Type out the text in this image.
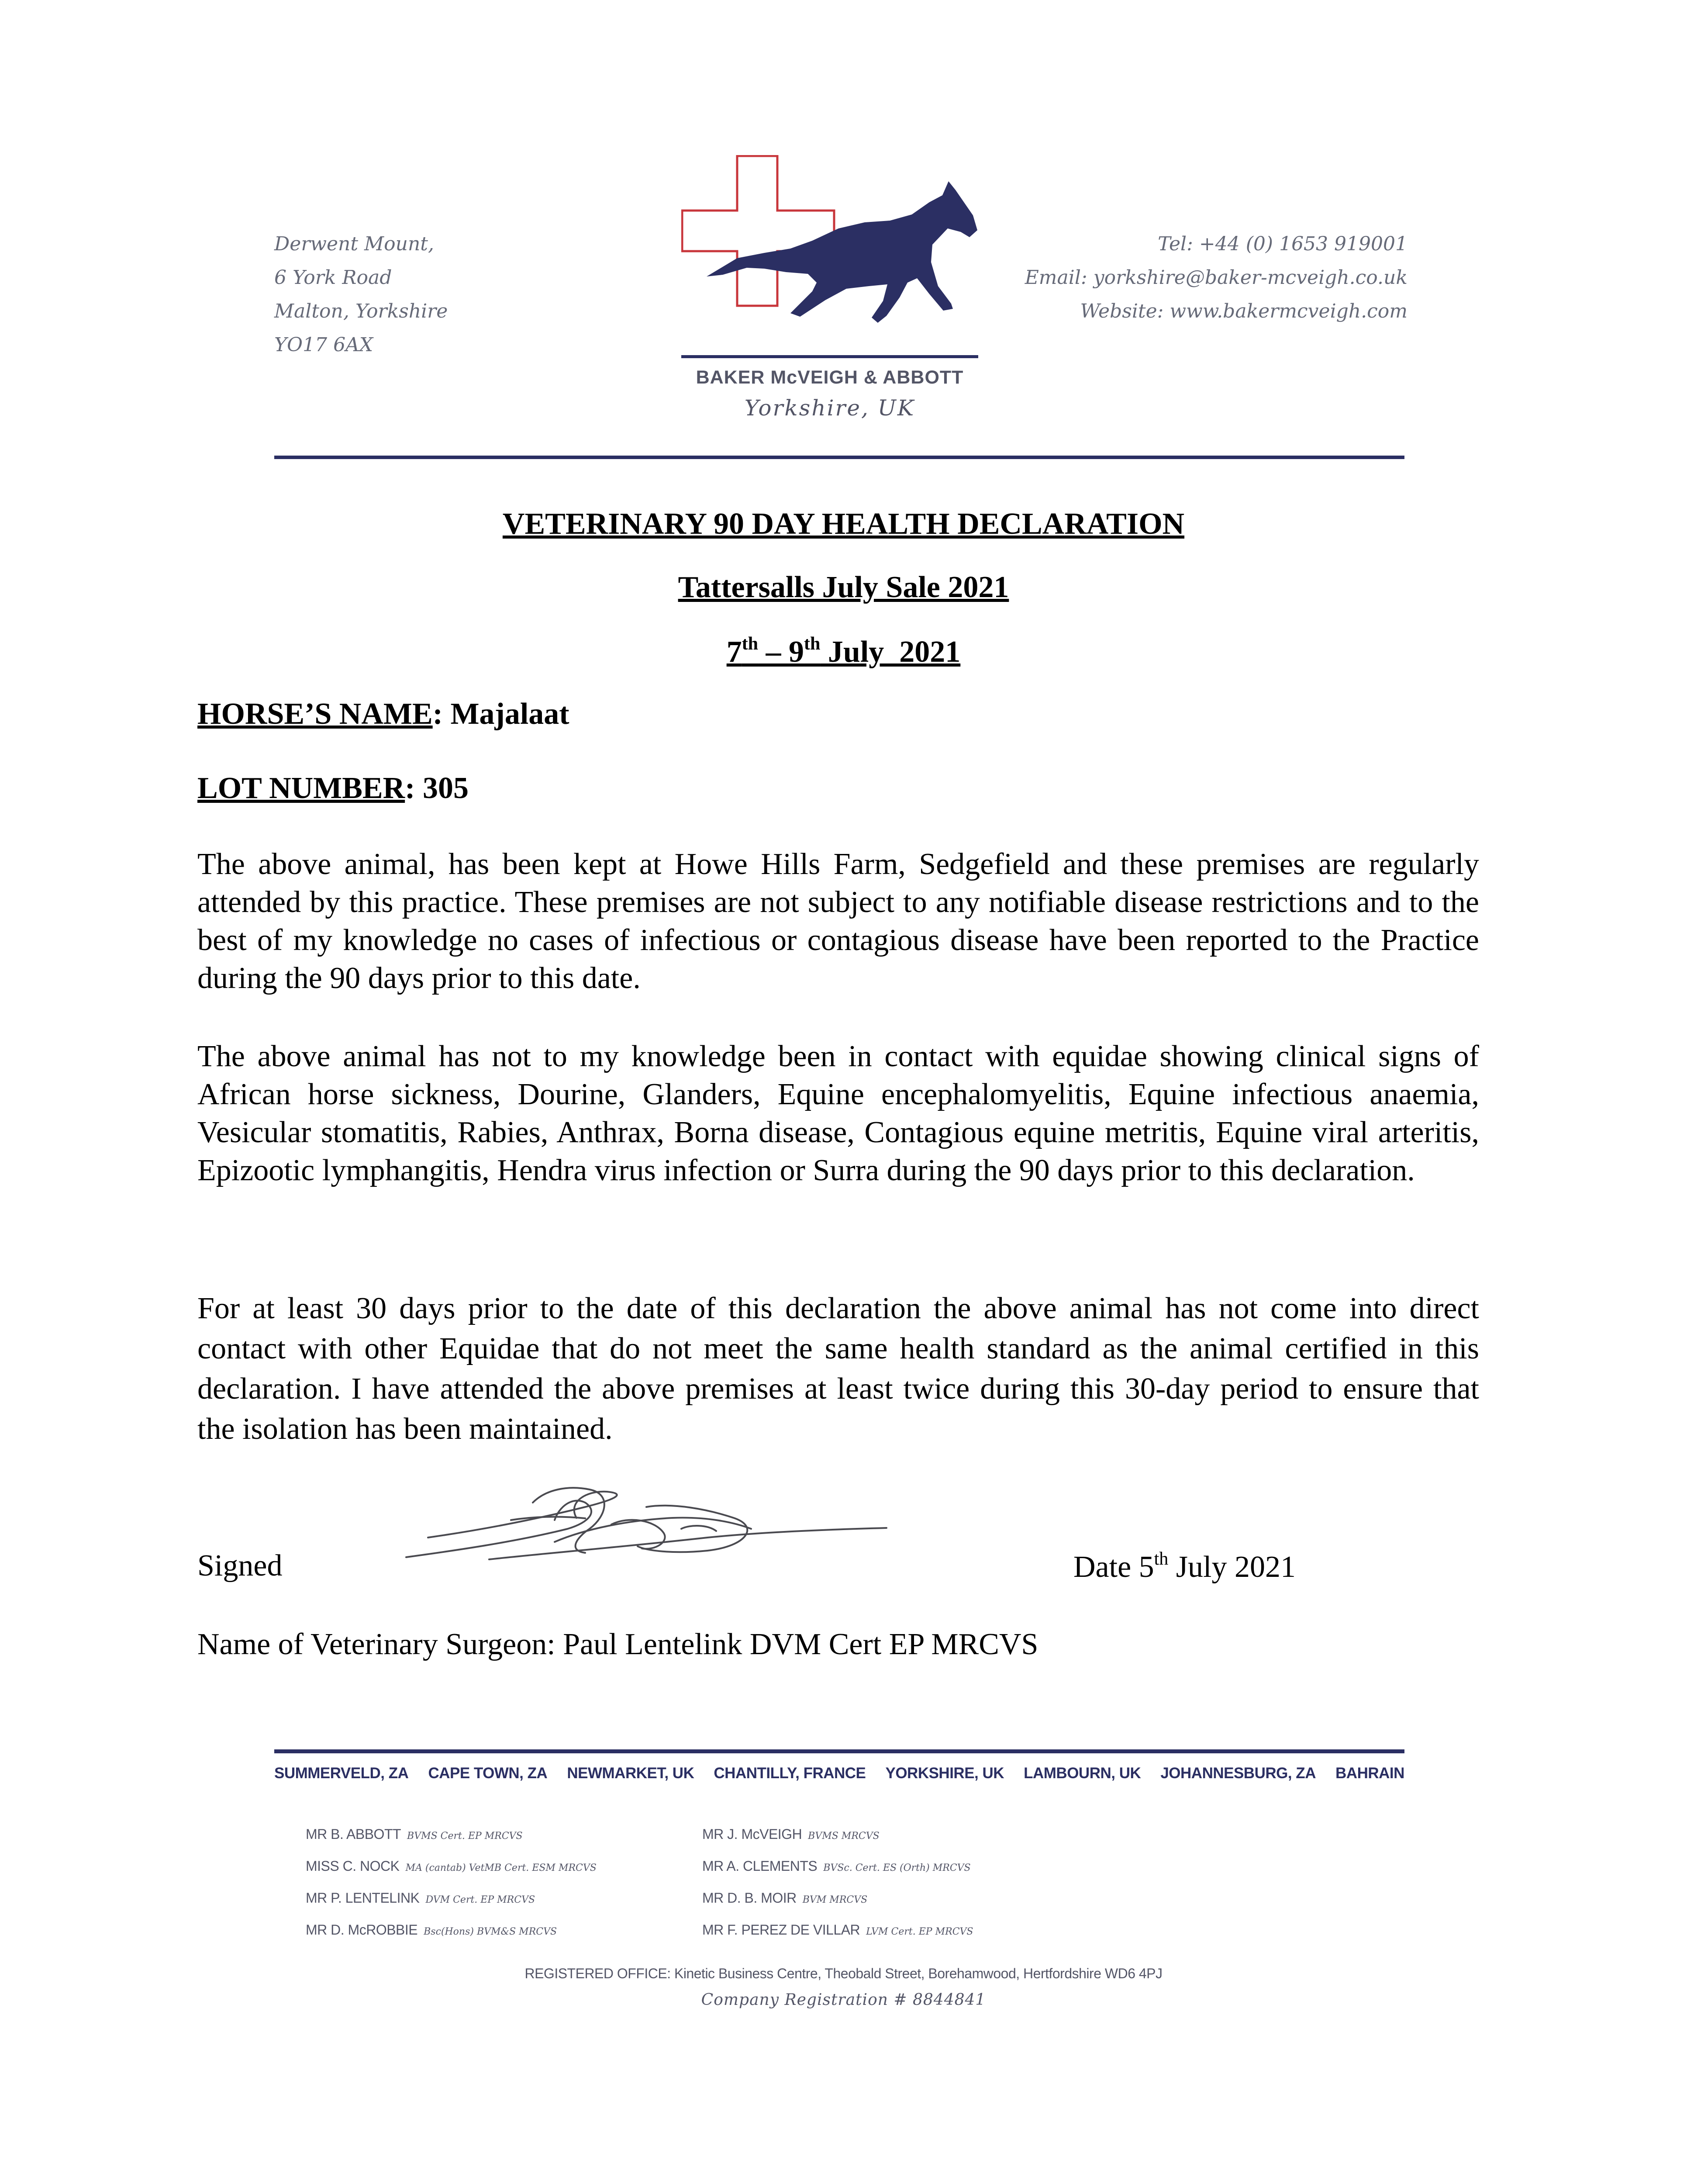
Derwent Mount,
6 York Road
Malton, Yorkshire
YO17 6AX
BAKER McVEIGH & ABBOTT
Yorkshire, UK
Tel: +44 (0) 1653 919001
Email: yorkshire@baker-mcveigh.co.uk
Website: www.bakermcveigh.com
VETERINARY 90 DAY HEALTH DECLARATION
Tattersalls July Sale 2021
7th – 9th July  2021
HORSE’S NAME: Majalaat
LOT NUMBER: 305
The above animal, has been kept at Howe Hills Farm, Sedgefield and these premises are regularly attended by this practice. These premises are not subject to any notifiable disease restrictions and to the best of my knowledge no cases of infectious or contagious disease have been reported to the Practice during the 90 days prior to this date.
The above animal has not to my knowledge been in contact with equidae showing clinical signs of African horse sickness, Dourine, Glanders, Equine encephalomyelitis, Equine infectious anaemia, Vesicular stomatitis, Rabies, Anthrax, Borna disease, Contagious equine metritis, Equine viral arteritis, Epizootic lymphangitis, Hendra virus infection or Surra during the 90 days prior to this declaration.
For at least 30 days prior to the date of this declaration the above animal has not come into direct contact with other Equidae that do not meet the same health standard as the animal certified in this declaration. I have attended the above premises at least twice during this 30-day period to ensure that the isolation has been maintained.
Signed	Date 5th July 2021
Name of Veterinary Surgeon: Paul Lentelink DVM Cert EP MRCVS
SUMMERVELD, ZA CAPE TOWN, ZA NEWMARKET, UK CHANTILLY, FRANCE YORKSHIRE, UK LAMBOURN, UK JOHANNESBURG, ZA BAHRAIN
MR B. ABBOTT BVMS Cert. EP MRCVS
MISS C. NOCK MA (cantab) VetMB Cert. ESM MRCVS
MR P. LENTELINK DVM Cert. EP MRCVS
MR D. McROBBIE Bsc(Hons) BVM&S MRCVS
MR J. McVEIGH BVMS MRCVS
MR A. CLEMENTS BVSc. Cert. ES (Orth) MRCVS
MR D. B. MOIR BVM MRCVS
MR F. PEREZ DE VILLAR LVM Cert. EP MRCVS
REGISTERED OFFICE: Kinetic Business Centre, Theobald Street, Borehamwood, Hertfordshire WD6 4PJ
Company Registration # 8844841
